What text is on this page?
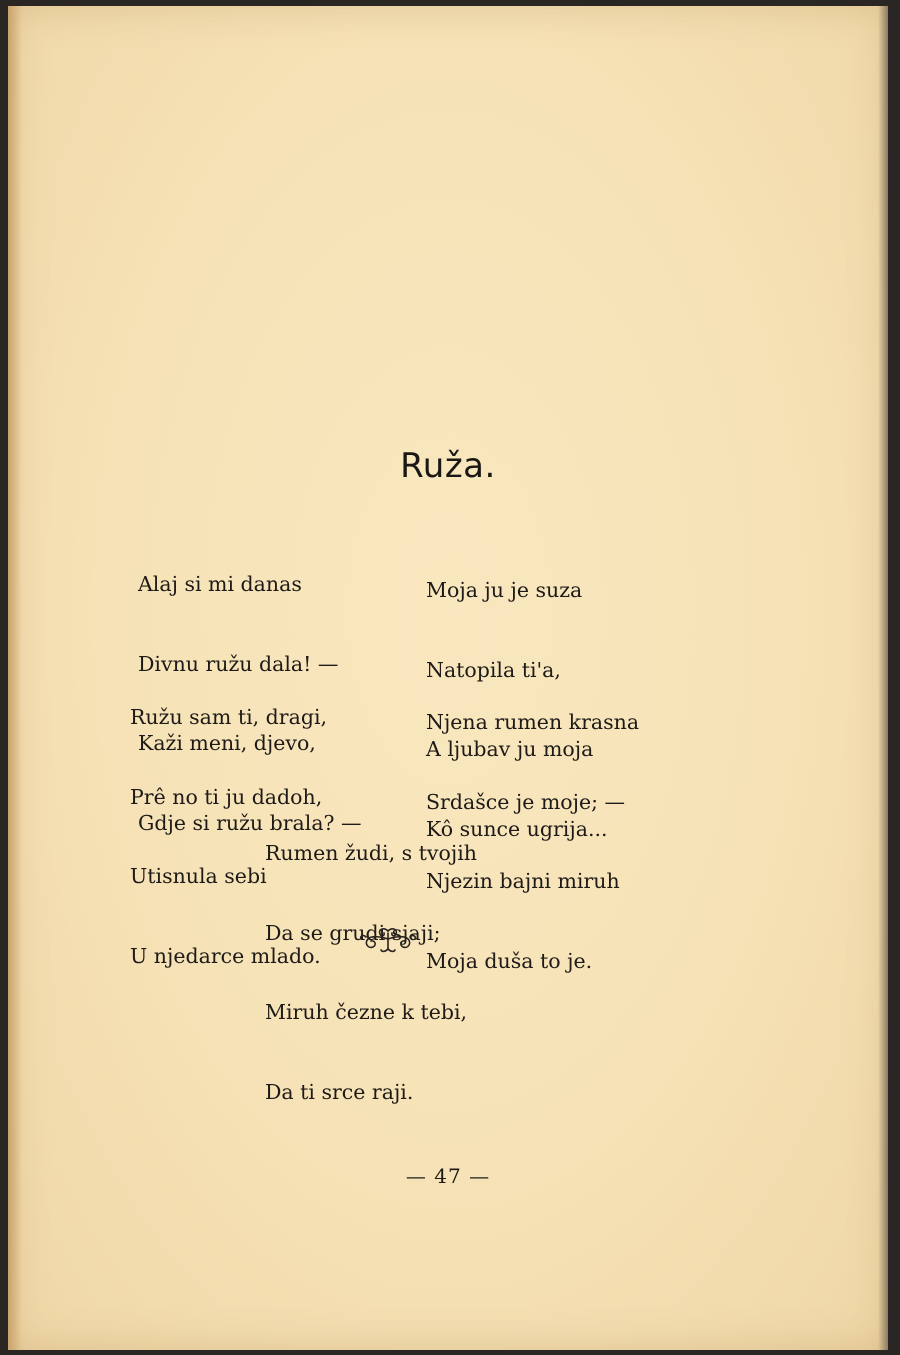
Ruža.

Alaj si mi danas

Divnu ružu dala! —

Kaži meni, djevo,

Gdje si ružu brala? —

Ružu sam ti, dragi,

Prê no ti ju dadoh,

Utisnula sebi

U njedarce mlado.

Moja ju je suza

Natopila ti'a,

A ljubav ju moja

Kô sunce ugrija...

Njena rumen krasna

Srdašce je moje; —

Njezin bajni miruh

Moja duša to je.

Rumen žudi, s tvojih

Da se grudi sjaji;

Miruh čezne k tebi,

Da ti srce raji.

— 47 —
